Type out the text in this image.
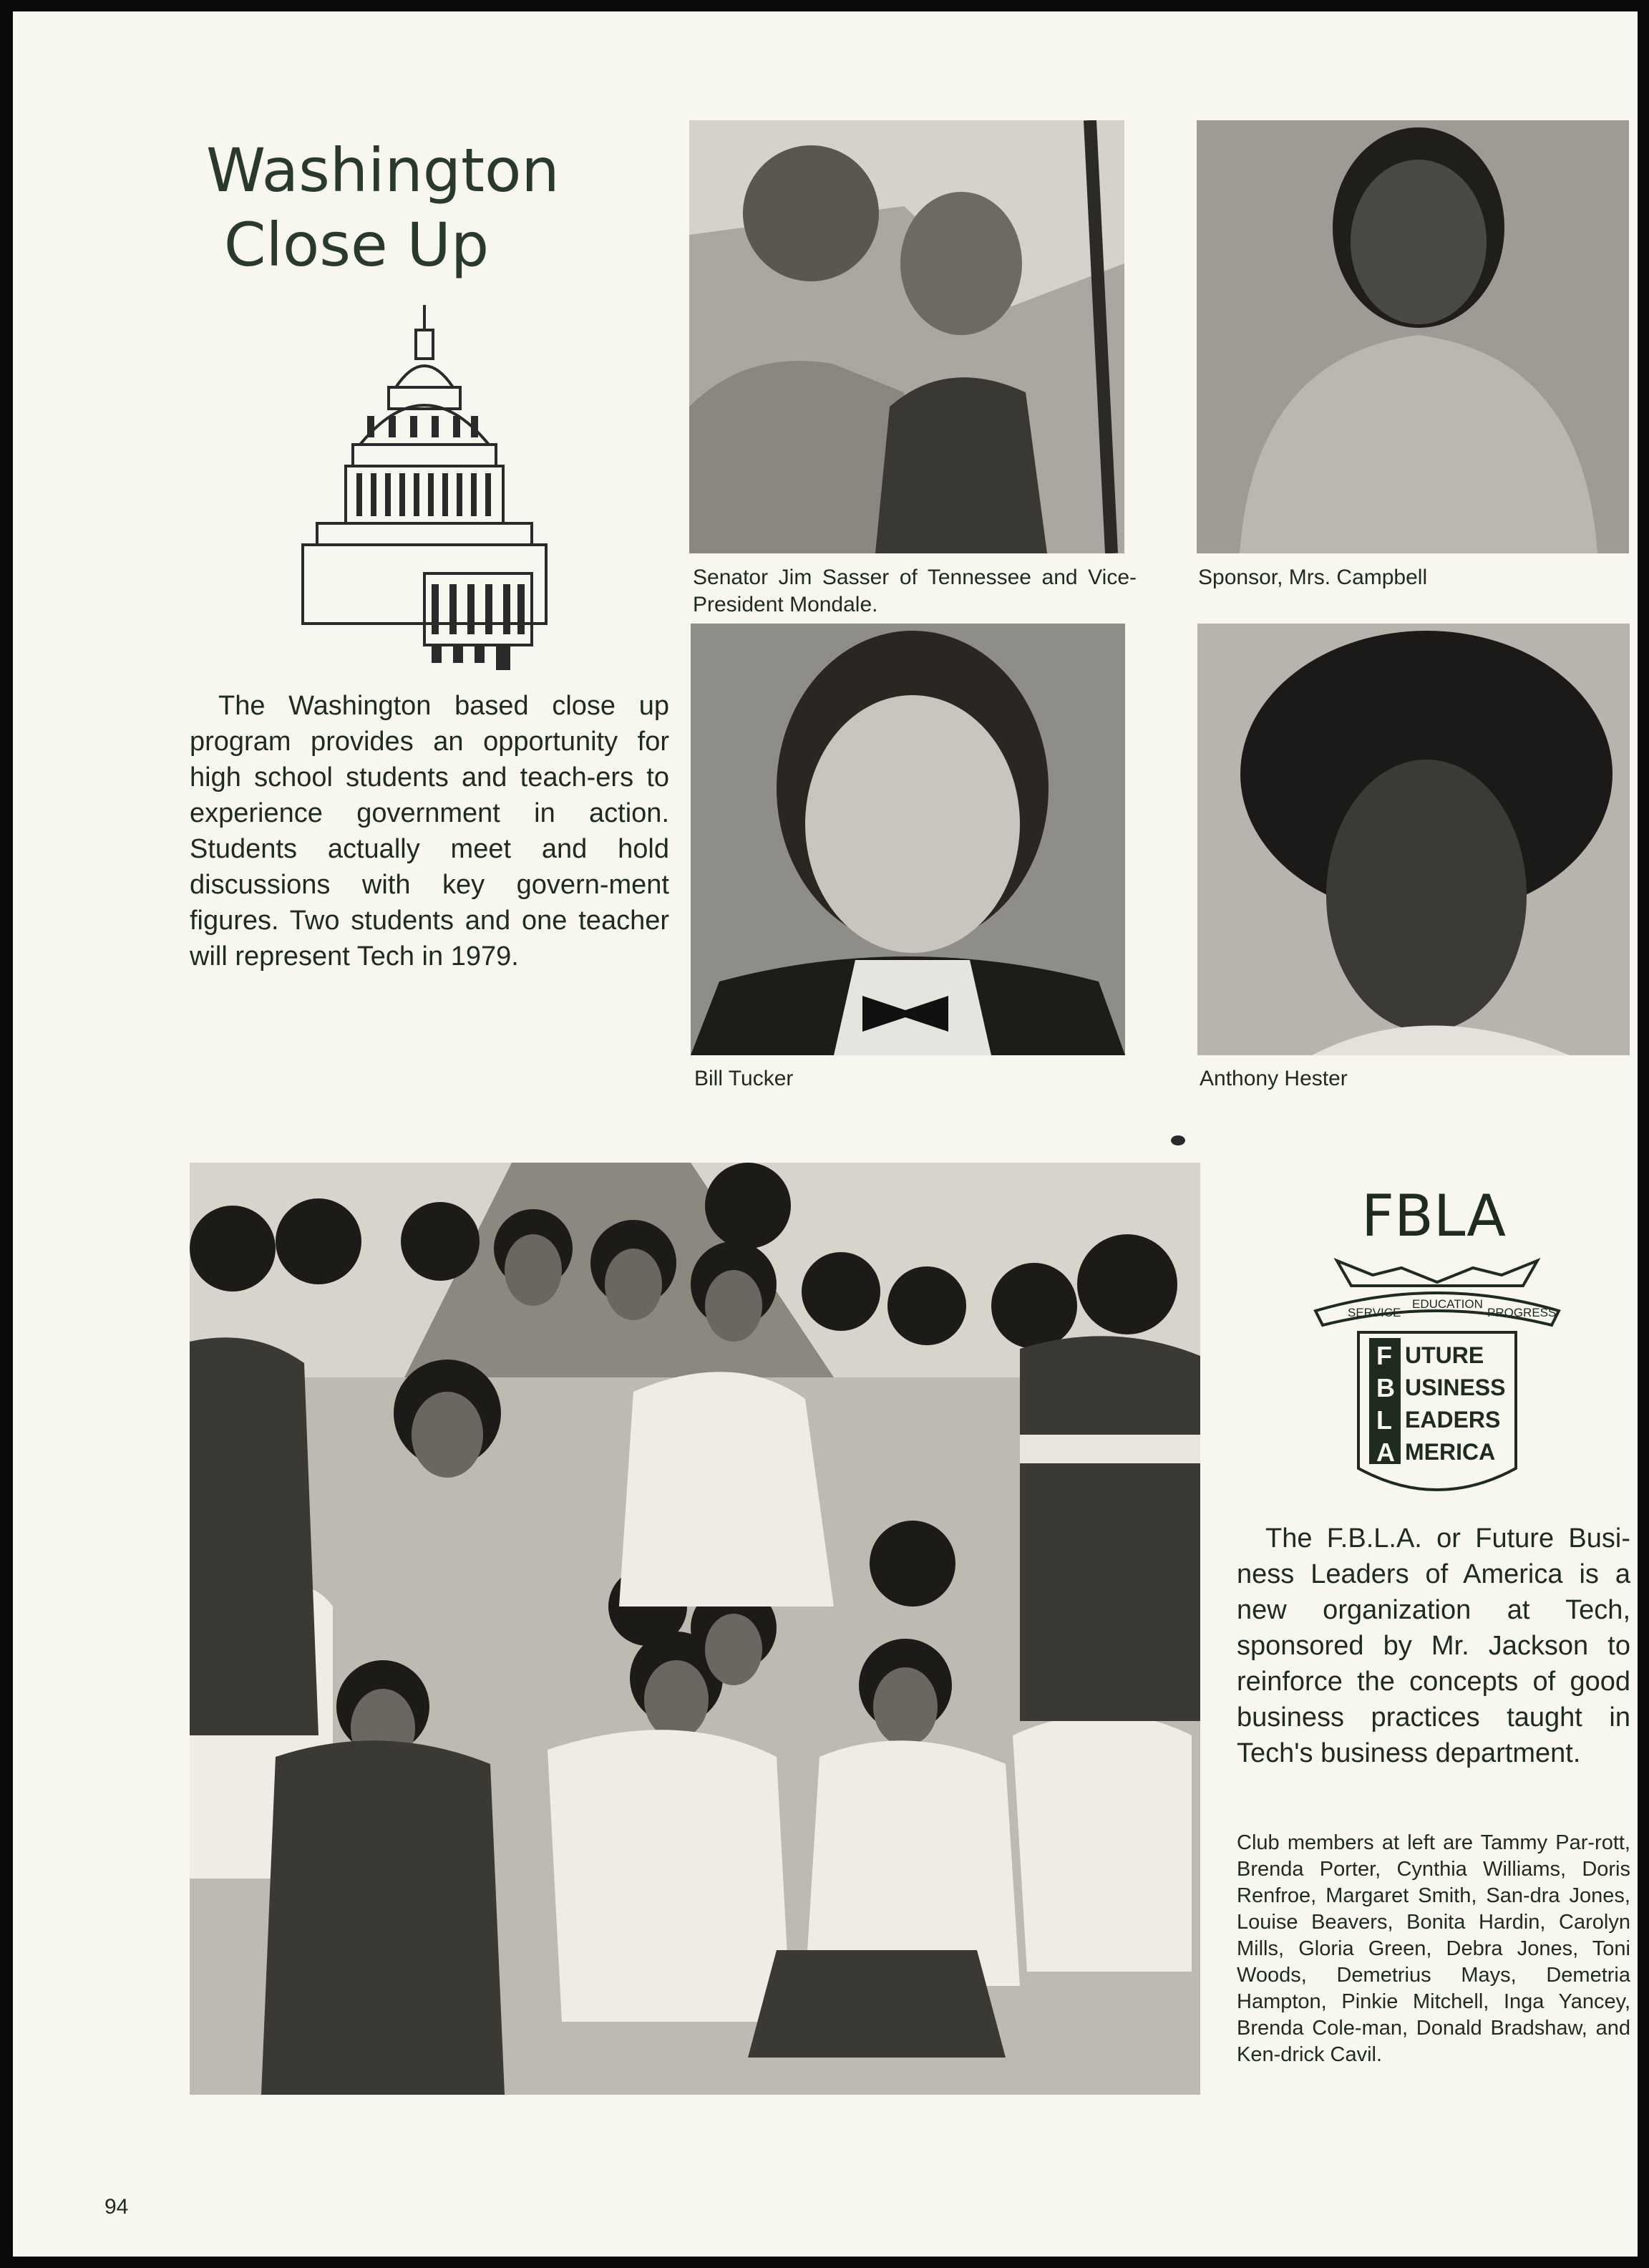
Washington
Close Up
The Washington based close up program provides an opportunity for high school students and teach-ers to experience government in action. Students actually meet and hold discussions with key govern-ment figures. Two students and one teacher will represent Tech in 1979.
Senator Jim Sasser of Tennessee and Vice-President Mondale.
Sponsor, Mrs. Campbell
Bill Tucker	Anthony Hester
FBLA
SERVICE
EDUCATION
PROGRESS
F
B
L
A
UTURE
USINESS
EADERS
MERICA
The F.B.L.A. or Future Busi-ness Leaders of America is a new organization at Tech, sponsored by Mr. Jackson to reinforce the concepts of good business practices taught in Tech's business department.
Club members at left are Tammy Par-rott, Brenda Porter, Cynthia Williams, Doris Renfroe, Margaret Smith, San-dra Jones, Louise Beavers, Bonita Hardin, Carolyn Mills, Gloria Green, Debra Jones, Toni Woods, Demetrius Mays, Demetria Hampton, Pinkie Mitchell, Inga Yancey, Brenda Cole-man, Donald Bradshaw, and Ken-drick Cavil.
94
